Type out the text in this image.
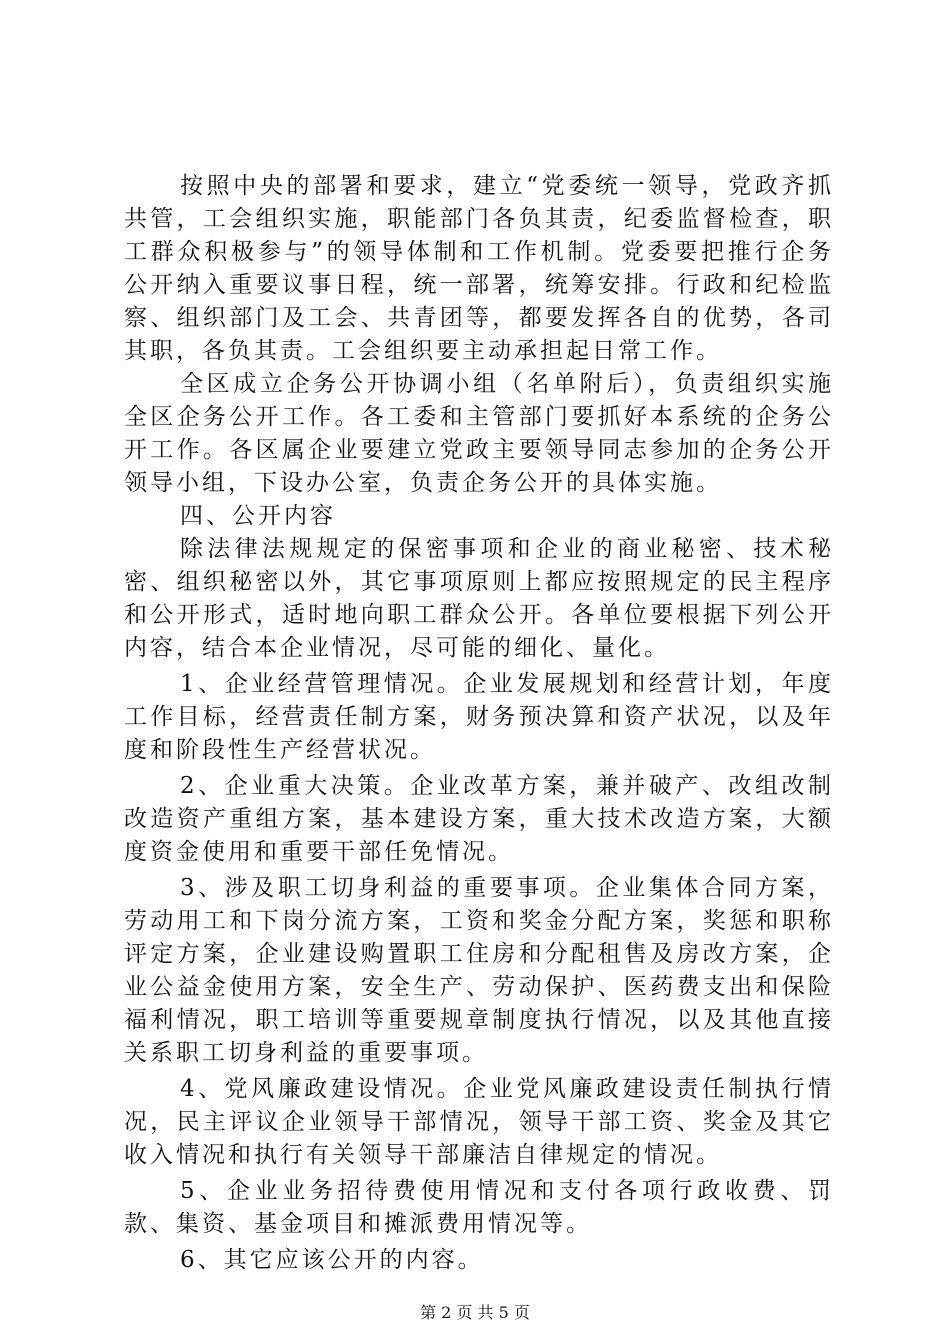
按照中央的部署和要求，建立“党委统一领导，党政齐抓共管，工会组织实施，职能部门各负其责，纪委监督检查，职工群众积极参与”的领导体制和工作机制。党委要把推行企务公开纳入重要议事日程，统一部署，统筹安排。行政和纪检监察、组织部门及工会、共青团等，都要发挥各自的优势，各司其职，各负其责。工会组织要主动承担起日常工作。

全区成立企务公开协调小组（名单附后），负责组织实施全区企务公开工作。各工委和主管部门要抓好本系统的企务公开工作。各区属企业要建立党政主要领导同志参加的企务公开领导小组，下设办公室，负责企务公开的具体实施。

四、公开内容

除法律法规规定的保密事项和企业的商业秘密、技术秘密、组织秘密以外，其它事项原则上都应按照规定的民主程序和公开形式，适时地向职工群众公开。各单位要根据下列公开内容，结合本企业情况，尽可能的细化、量化。

1、企业经营管理情况。企业发展规划和经营计划，年度工作目标，经营责任制方案，财务预决算和资产状况，以及年度和阶段性生产经营状况。

2、企业重大决策。企业改革方案，兼并破产、改组改制改造资产重组方案，基本建设方案，重大技术改造方案，大额度资金使用和重要干部任免情况。

3、涉及职工切身利益的重要事项。企业集体合同方案，劳动用工和下岗分流方案，工资和奖金分配方案，奖惩和职称评定方案，企业建设购置职工住房和分配租售及房改方案，企业公益金使用方案，安全生产、劳动保护、医药费支出和保险福利情况，职工培训等重要规章制度执行情况，以及其他直接关系职工切身利益的重要事项。

4、党风廉政建设情况。企业党风廉政建设责任制执行情况，民主评议企业领导干部情况，领导干部工资、奖金及其它收入情况和执行有关领导干部廉洁自律规定的情况。

5、企业业务招待费使用情况和支付各项行政收费、罚款、集资、基金项目和摊派费用情况等。

6、其它应该公开的内容。

第 2 页 共 5 页
